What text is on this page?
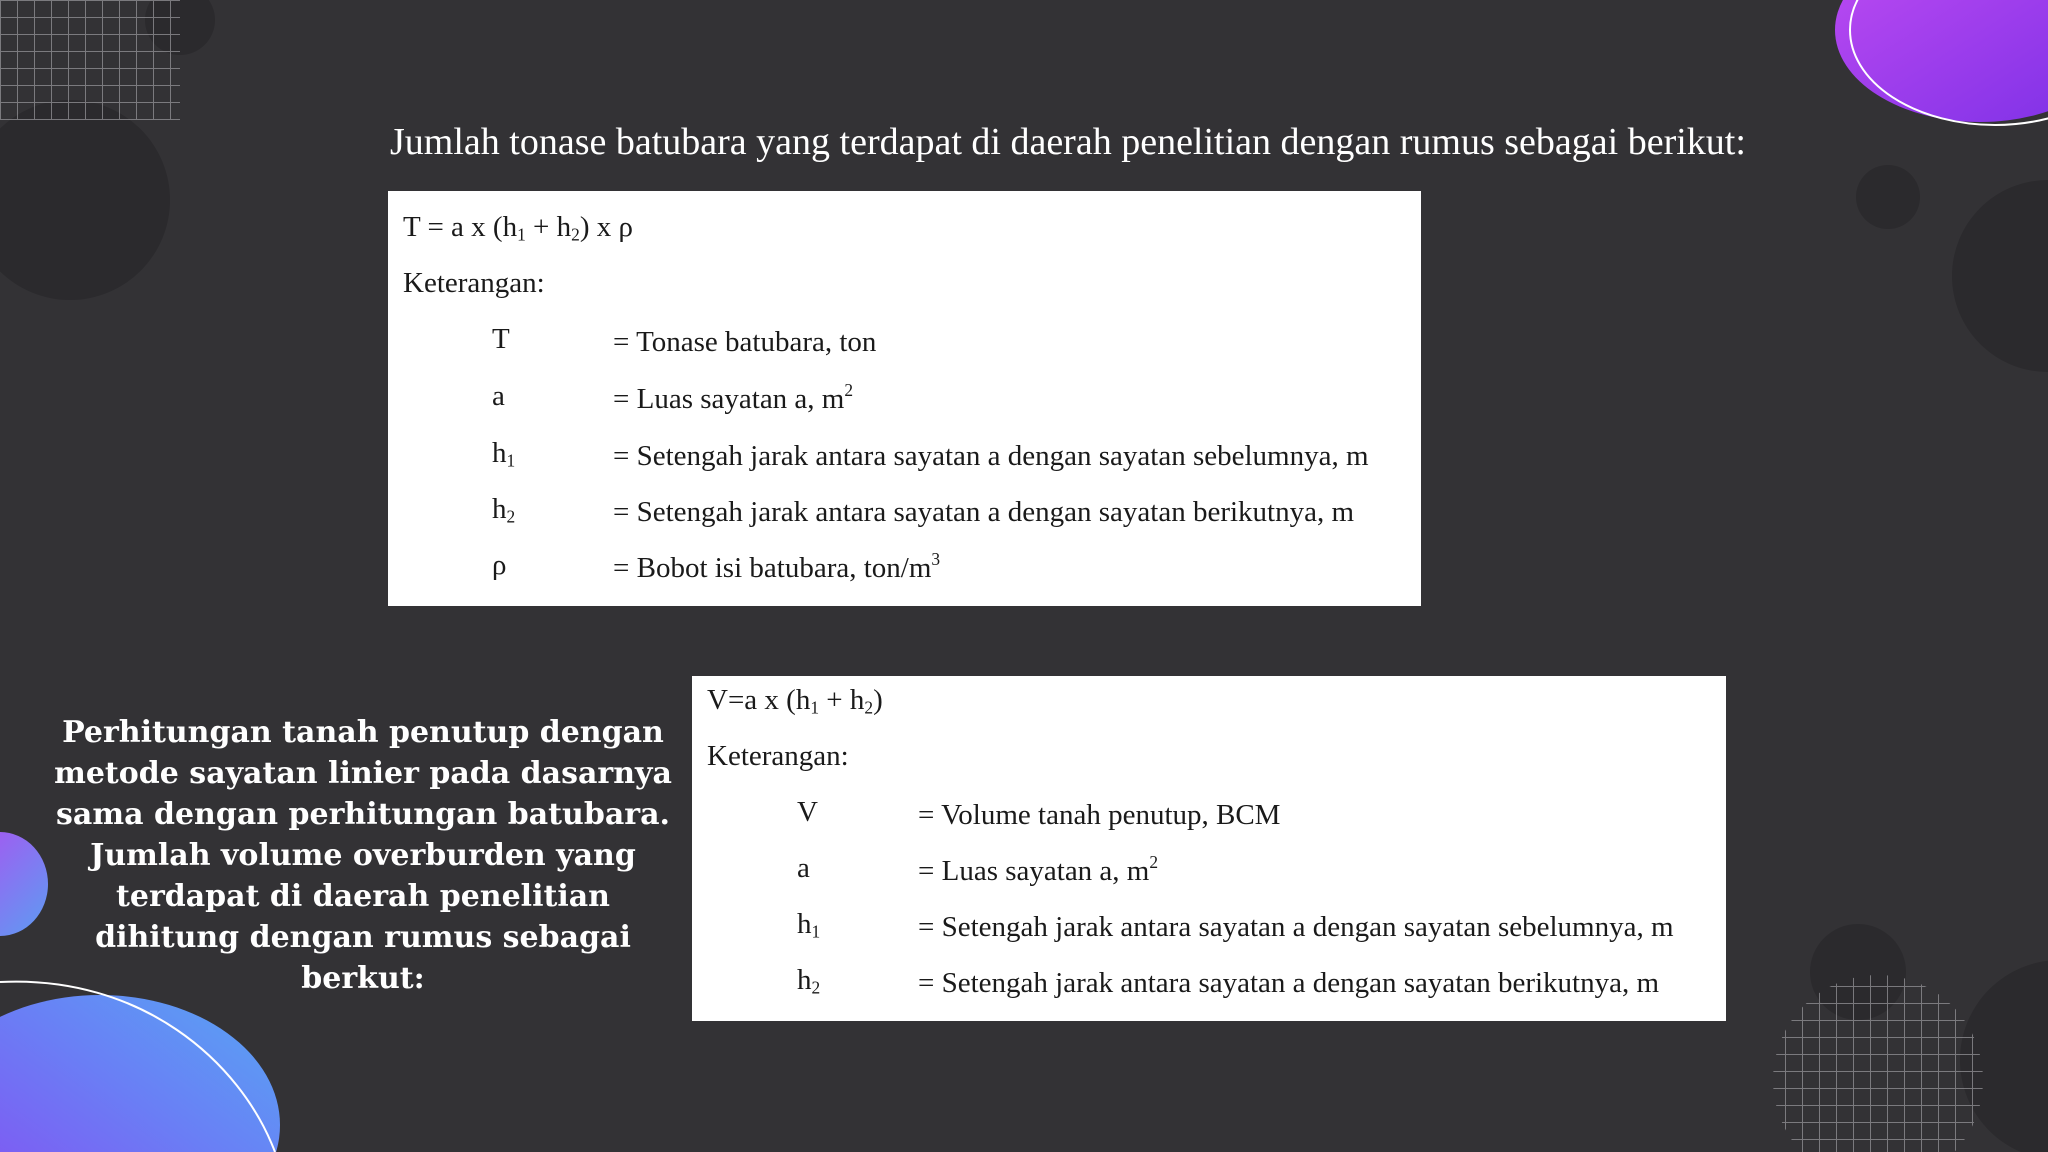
Jumlah tonase batubara yang terdapat di daerah penelitian dengan rumus sebagai berikut:
Perhitungan tanah penutup dengan metode sayatan linier pada dasarnya sama dengan perhitungan batubara. Jumlah volume overburden yang terdapat di daerah penelitian dihitung dengan rumus sebagai berkut:
T = a x $(h_1 + h_2)$ x ρ
Keterangan:
T	= Tonase batubara, ton
a	= Luas sayatan a, $m^2$
$h_1$	= Setengah jarak antara sayatan a dengan sayatan sebelumnya, m
$h_2$	= Setengah jarak antara sayatan a dengan sayatan berikutnya, m
ρ	= Bobot isi batubara, ton/$m^3$
V=a x $(h_1 + h_2)$
Keterangan:
V	= Volume tanah penutup, BCM
a	= Luas sayatan a, $m^2$
$h_1$	= Setengah jarak antara sayatan a dengan sayatan sebelumnya, m
$h_2$	= Setengah jarak antara sayatan a dengan sayatan berikutnya, m
